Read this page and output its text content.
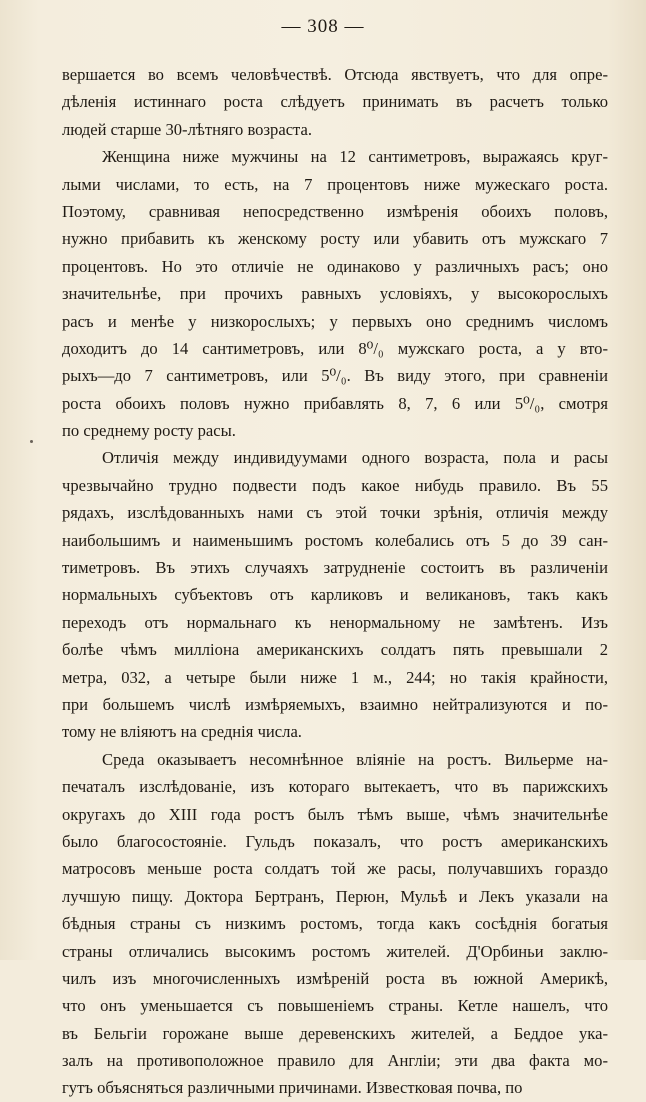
— 308 —
вершается во всемъ человѣчествѣ. Отсюда явствуетъ, что для опре-
дѣленія истиннаго роста слѣдуетъ принимать въ расчетъ только
людей старше 30-лѣтняго возраста.
Женщина ниже мужчины на 12 сантиметровъ, выражаясь круг-
лыми числами, то есть, на 7 процентовъ ниже мужескаго роста.
Поэтому, сравнивая непосредственно измѣренія обоихъ половъ,
нужно прибавить къ женскому росту или убавить отъ мужскаго 7
процентовъ. Но это отличіе не одинаково у различныхъ расъ; оно
значительнѣе, при прочихъ равныхъ условіяхъ, у высокорослыхъ
расъ и менѣе у низкорослыхъ; у первыхъ оно среднимъ числомъ
доходитъ до 14 сантиметровъ, или 8⁰/₀ мужскаго роста, а у вто-
рыхъ—до 7 сантиметровъ, или 5⁰/₀. Въ виду этого, при сравненіи
роста обоихъ половъ нужно прибавлять 8, 7, 6 или 5⁰/₀, смотря
по среднему росту расы.
Отличія между индивидуумами одного возраста, пола и расы
чрезвычайно трудно подвести подъ какое нибудь правило. Въ 55
рядахъ, изслѣдованныхъ нами съ этой точки зрѣнія, отличія между
наибольшимъ и наименьшимъ ростомъ колебались отъ 5 до 39 сан-
тиметровъ. Въ этихъ случаяхъ затрудненіе состоитъ въ различеніи
нормальныхъ субъектовъ отъ карликовъ и великановъ, такъ какъ
переходъ отъ нормальнаго къ ненормальному не замѣтенъ. Изъ
болѣе чѣмъ милліона американскихъ солдатъ пять превышали 2
метра, 032, а четыре были ниже 1 м., 244; но такія крайности,
при большемъ числѣ измѣряемыхъ, взаимно нейтрализуются и по-
тому не вліяютъ на среднія числа.
Среда оказываетъ несомнѣнное вліяніе на ростъ. Вильерме на-
печаталъ изслѣдованіе, изъ котораго вытекаетъ, что въ парижскихъ
округахъ до XIII года ростъ былъ тѣмъ выше, чѣмъ значительнѣе
было благосостояніе. Гульдъ показалъ, что ростъ американскихъ
матросовъ меньше роста солдатъ той же расы, получавшихъ гораздо
лучшую пищу. Доктора Бертранъ, Перюн, Мульѣ и Лекъ указали на
бѣдныя страны съ низкимъ ростомъ, тогда какъ сосѣднія богатыя
страны отличались высокимъ ростомъ жителей. Д'Орбиньи заклю-
чилъ изъ многочисленныхъ измѣреній роста въ южной Америкѣ,
что онъ уменьшается съ повышеніемъ страны. Кетле нашелъ, что
въ Бельгіи горожане выше деревенскихъ жителей, а Беддое ука-
залъ на противоположное правило для Англіи; эти два факта мо-
гутъ объясняться различными причинами. Известковая почва, по
